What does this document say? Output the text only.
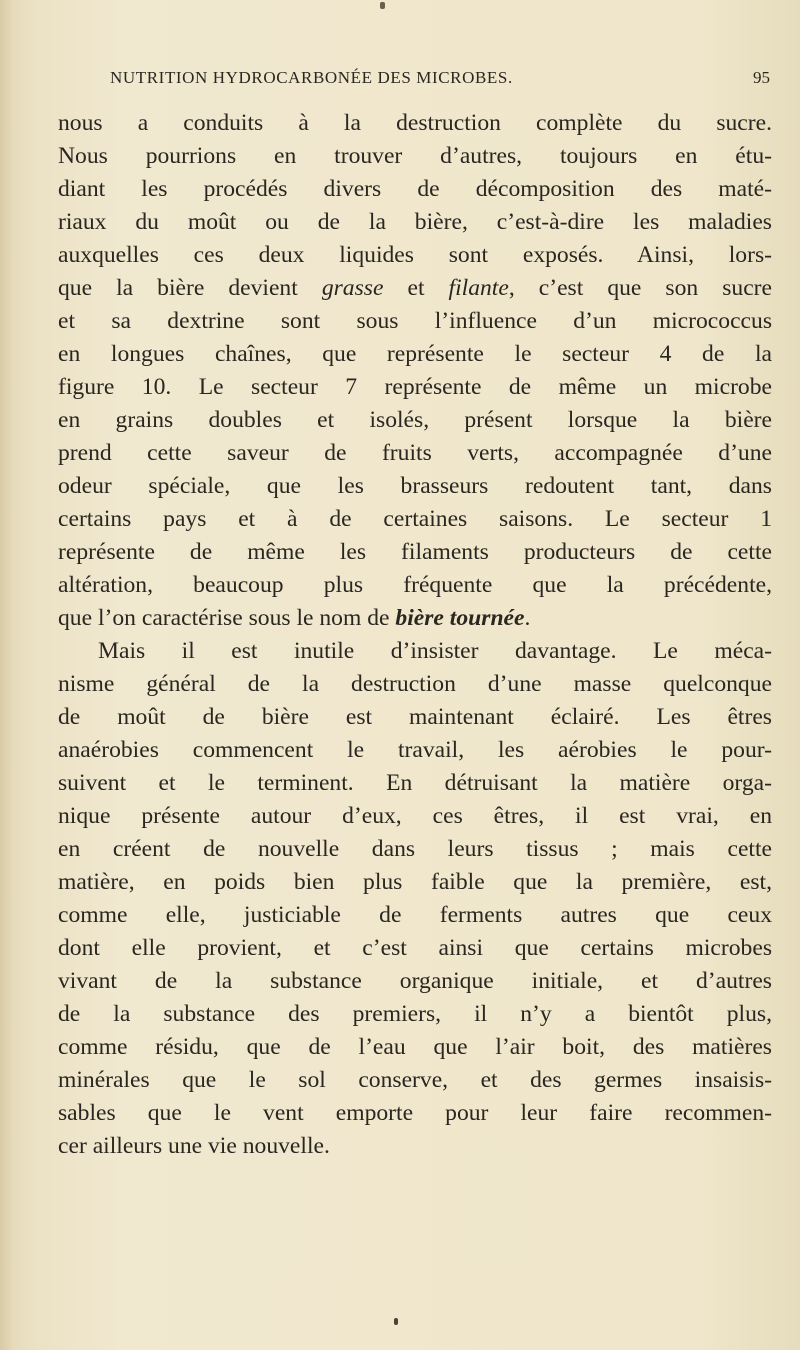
NUTRITION HYDROCARBONÉE DES MICROBES.	95
nous a conduits à la destruction complète du sucre.
Nous pourrions en trouver d’autres, toujours en étu-
diant les procédés divers de décomposition des maté-
riaux du moût ou de la bière, c’est-à-dire les maladies
auxquelles ces deux liquides sont exposés. Ainsi, lors-
que la bière devient grasse et filante, c’est que son sucre
et sa dextrine sont sous l’influence d’un micrococcus
en longues chaînes, que représente le secteur 4 de la
figure 10. Le secteur 7 représente de même un microbe
en grains doubles et isolés, présent lorsque la bière
prend cette saveur de fruits verts, accompagnée d’une
odeur spéciale, que les brasseurs redoutent tant, dans
certains pays et à de certaines saisons. Le secteur 1
représente de même les filaments producteurs de cette
altération, beaucoup plus fréquente que la précédente,
que l’on caractérise sous le nom de bière tournée.
Mais il est inutile d’insister davantage. Le méca-
nisme général de la destruction d’une masse quelconque
de moût de bière est maintenant éclairé. Les êtres
anaérobies commencent le travail, les aérobies le pour-
suivent et le terminent. En détruisant la matière orga-
nique présente autour d’eux, ces êtres, il est vrai, en
en créent de nouvelle dans leurs tissus ; mais cette
matière, en poids bien plus faible que la première, est,
comme elle, justiciable de ferments autres que ceux
dont elle provient, et c’est ainsi que certains microbes
vivant de la substance organique initiale, et d’autres
de la substance des premiers, il n’y a bientôt plus,
comme résidu, que de l’eau que l’air boit, des matières
minérales que le sol conserve, et des germes insaisis-
sables que le vent emporte pour leur faire recommen-
cer ailleurs une vie nouvelle.
